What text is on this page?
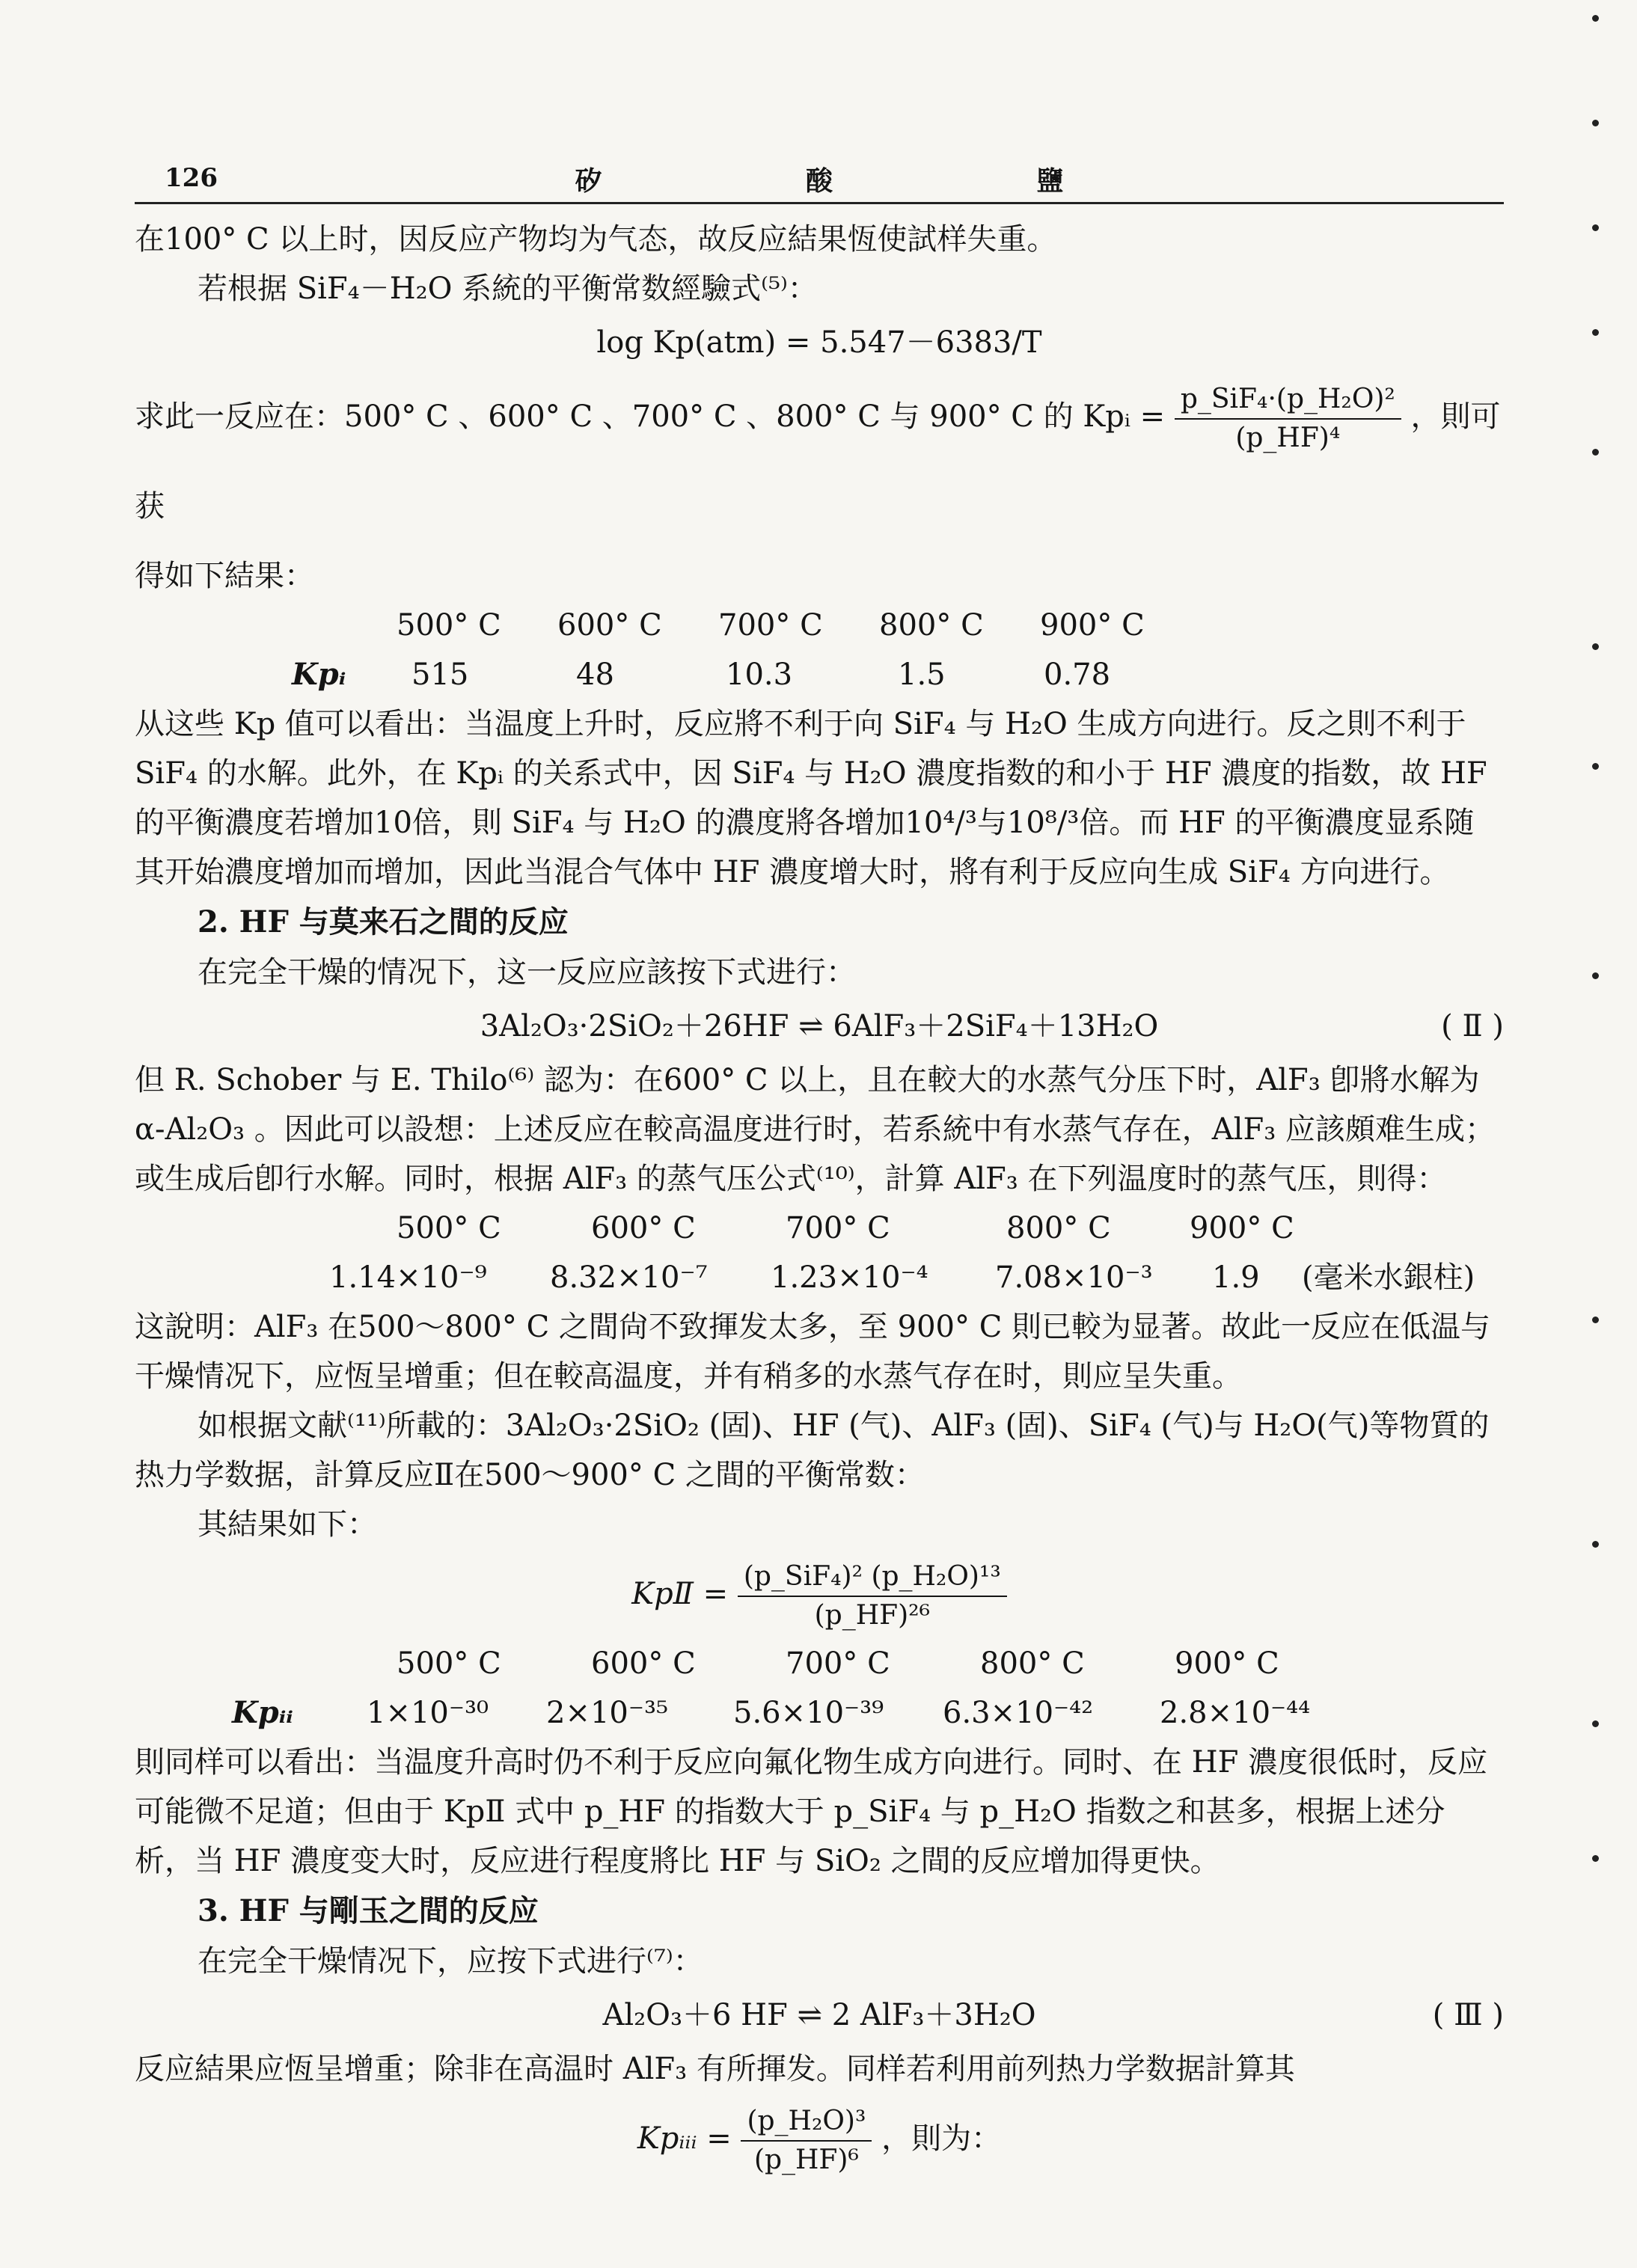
126	矽 酸 鹽

在100° C 以上时，因反应产物均为气态，故反应結果恆使試样失重。

若根据 SiF₄－H₂O 系統的平衡常数經驗式⁽⁵⁾：

log Kp(atm) = 5.547－6383/T

求此一反应在：500° C 、600° C 、700° C 、800° C 与 900° C 的 Kpᵢ = $\frac{\text{p\_SiF₄·(p\_H₂O)²}}{\text{(p\_HF)⁴}}$ ，則可获

得如下結果：

500° C 600° C 700° C 800° C 900° C
Kpᵢ 515	48	10.3	1.5	0.78

从这些 Kp 值可以看出：当温度上升时，反应將不利于向 SiF₄ 与 H₂O 生成方向进行。反之則不利于 SiF₄ 的水解。此外，在 Kpᵢ 的关系式中，因 SiF₄ 与 H₂O 濃度指数的和小于 HF 濃度的指数，故 HF 的平衡濃度若增加10倍，則 SiF₄ 与 H₂O 的濃度將各增加10⁴/³与10⁸/³倍。而 HF 的平衡濃度显系随其开始濃度增加而增加，因此当混合气体中 HF 濃度增大时，將有利于反应向生成 SiF₄ 方向进行。

2. HF 与莫来石之間的反应

在完全干燥的情况下，这一反应应該按下式进行：

3Al₂O₃·2SiO₂＋26HF ⇌ 6AlF₃＋2SiF₄＋13H₂O	( Ⅱ )

但 R. Schober 与 E. Thilo⁽⁶⁾ 認为：在600° C 以上，且在較大的水蒸气分压下时，AlF₃ 卽將水解为 α-Al₂O₃ 。因此可以設想：上述反应在較高温度进行时，若系統中有水蒸气存在，AlF₃ 应該頗难生成；或生成后卽行水解。同时，根据 AlF₃ 的蒸气压公式⁽¹⁰⁾，計算 AlF₃ 在下列温度时的蒸气压，則得：

500° C	600° C	700° C	800° C	900° C
1.14×10⁻⁹ 8.32×10⁻⁷ 1.23×10⁻⁴ 7.08×10⁻³ 1.9 (毫米水銀柱)

这說明：AlF₃ 在500～800° C 之間尙不致揮发太多，至 900° C 則已較为显著。故此一反应在低温与干燥情况下，应恆呈增重；但在較高温度，并有稍多的水蒸气存在时，則应呈失重。

如根据文献⁽¹¹⁾所載的：3Al₂O₃·2SiO₂ (固)、HF (气)、AlF₃ (固)、SiF₄ (气)与 H₂O(气)等物質的热力学数据，計算反应Ⅱ在500～900° C 之間的平衡常数：

其結果如下：

KpⅡ = $\frac{\text{(p\_SiF₄)² (p\_H₂O)¹³}}{\text{(p\_HF)²⁶}}$

500° C	600° C	700° C	800° C	900° C
Kpᵢᵢ 1×10⁻³⁰ 2×10⁻³⁵ 5.6×10⁻³⁹ 6.3×10⁻⁴² 2.8×10⁻⁴⁴

則同样可以看出：当温度升高时仍不利于反应向氟化物生成方向进行。同时、在 HF 濃度很低时，反应可能微不足道；但由于 KpⅡ 式中 p_HF 的指数大于 p_SiF₄ 与 p_H₂O 指数之和甚多，根据上述分析，当 HF 濃度变大时，反应进行程度將比 HF 与 SiO₂ 之間的反应增加得更快。

3. HF 与剛玉之間的反应

在完全干燥情况下，应按下式进行⁽⁷⁾：

Al₂O₃＋6 HF ⇌ 2 AlF₃＋3H₂O	( Ⅲ )

反应結果应恆呈增重；除非在高温时 AlF₃ 有所揮发。同样若利用前列热力学数据計算其

Kpᵢᵢᵢ = $\frac{\text{(p\_H₂O)³}}{\text{(p\_HF)⁶}}$ ，則为：
